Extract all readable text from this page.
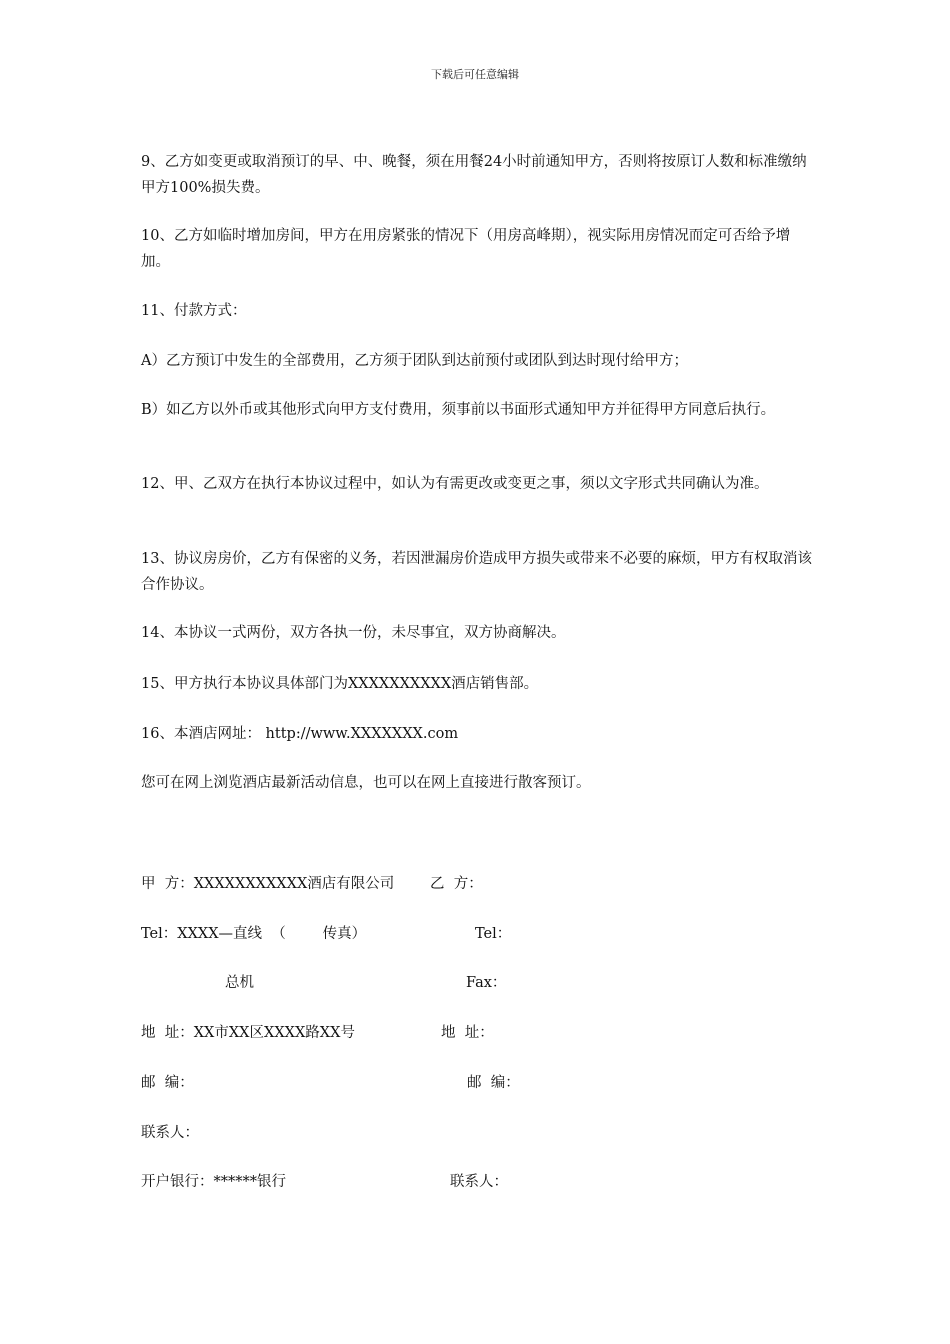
下载后可任意编辑

9、乙方如变更或取消预订的早、中、晚餐，须在用餐24小时前通知甲方，否则将按原订人数和标准缴纳甲方100%损失费。

10、乙方如临时增加房间，甲方在用房紧张的情况下（用房高峰期），视实际用房情况而定可否给予增加。

11、付款方式：

A）乙方预订中发生的全部费用，乙方须于团队到达前预付或团队到达时现付给甲方；

B）如乙方以外币或其他形式向甲方支付费用，须事前以书面形式通知甲方并征得甲方同意后执行。

12、甲、乙双方在执行本协议过程中，如认为有需更改或变更之事，须以文字形式共同确认为准。

13、协议房房价，乙方有保密的义务，若因泄漏房价造成甲方损失或带来不必要的麻烦，甲方有权取消该合作协议。

14、本协议一式两份，双方各执一份，未尽事宜，双方协商解决。

15、甲方执行本协议具体部门为XXXXXXXXXX酒店销售部。

16、本酒店网址： http://www.XXXXXXX.com

您可在网上浏览酒店最新活动信息，也可以在网上直接进行散客预订。

甲  方：XXXXXXXXXXX酒店有限公司 乙  方：
Tel：XXXX—直线  （        传真）	Tel：
总机	Fax：
地  址：XX市XX区XXXX路XX号	地  址：
邮  编：	邮  编：
联系人：
开户银行：******银行	联系人：
